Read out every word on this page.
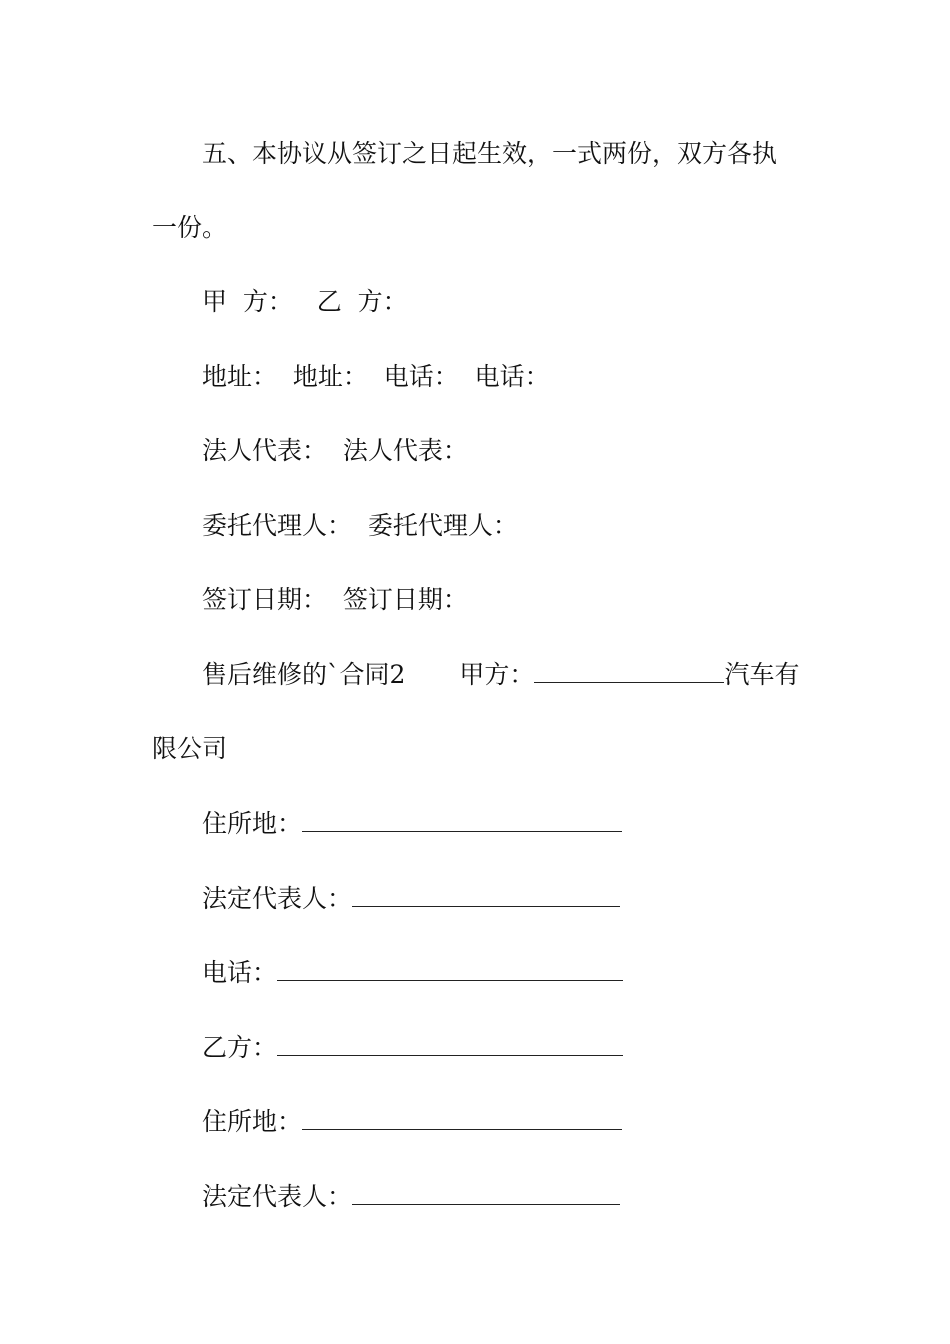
五、本协议从签订之日起生效，一式两份，双方各执
一份。
甲  方：   乙  方：
地址：  地址：  电话：  电话：
法人代表：  法人代表：
委托代理人：  委托代理人：
签订日期：  签订日期：
售后维修的`合同2 甲方：	汽车有
限公司
住所地：
法定代表人：
电话：
乙方：
住所地：
法定代表人：
